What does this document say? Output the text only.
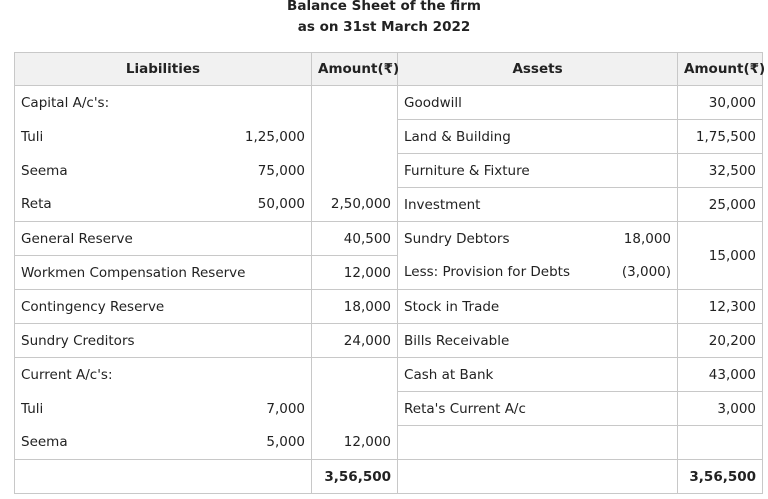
Balance Sheet of the firm
as on 31st March 2022
Liabilities		Amount(₹)	Assets		Amount(₹)
Capital A/c's:			Goodwill		30,000
Tuli	1,25,000		Land & Building		1,75,500
Seema	75,000		Furniture & Fixture		32,500
Reta	50,000	2,50,000	Investment		25,000
General Reserve		40,500	Sundry Debtors	18,000	15,000
Workmen Compensation Reserve		12,000	Less: Provision for Debts	(3,000)	
Contingency Reserve		18,000	Stock in Trade		12,300
Sundry Creditors		24,000	Bills Receivable		20,200
Current A/c's:			Cash at Bank		43,000
Tuli	7,000		Reta's Current A/c		3,000
Seema	5,000	12,000			
		3,56,500			3,56,500
